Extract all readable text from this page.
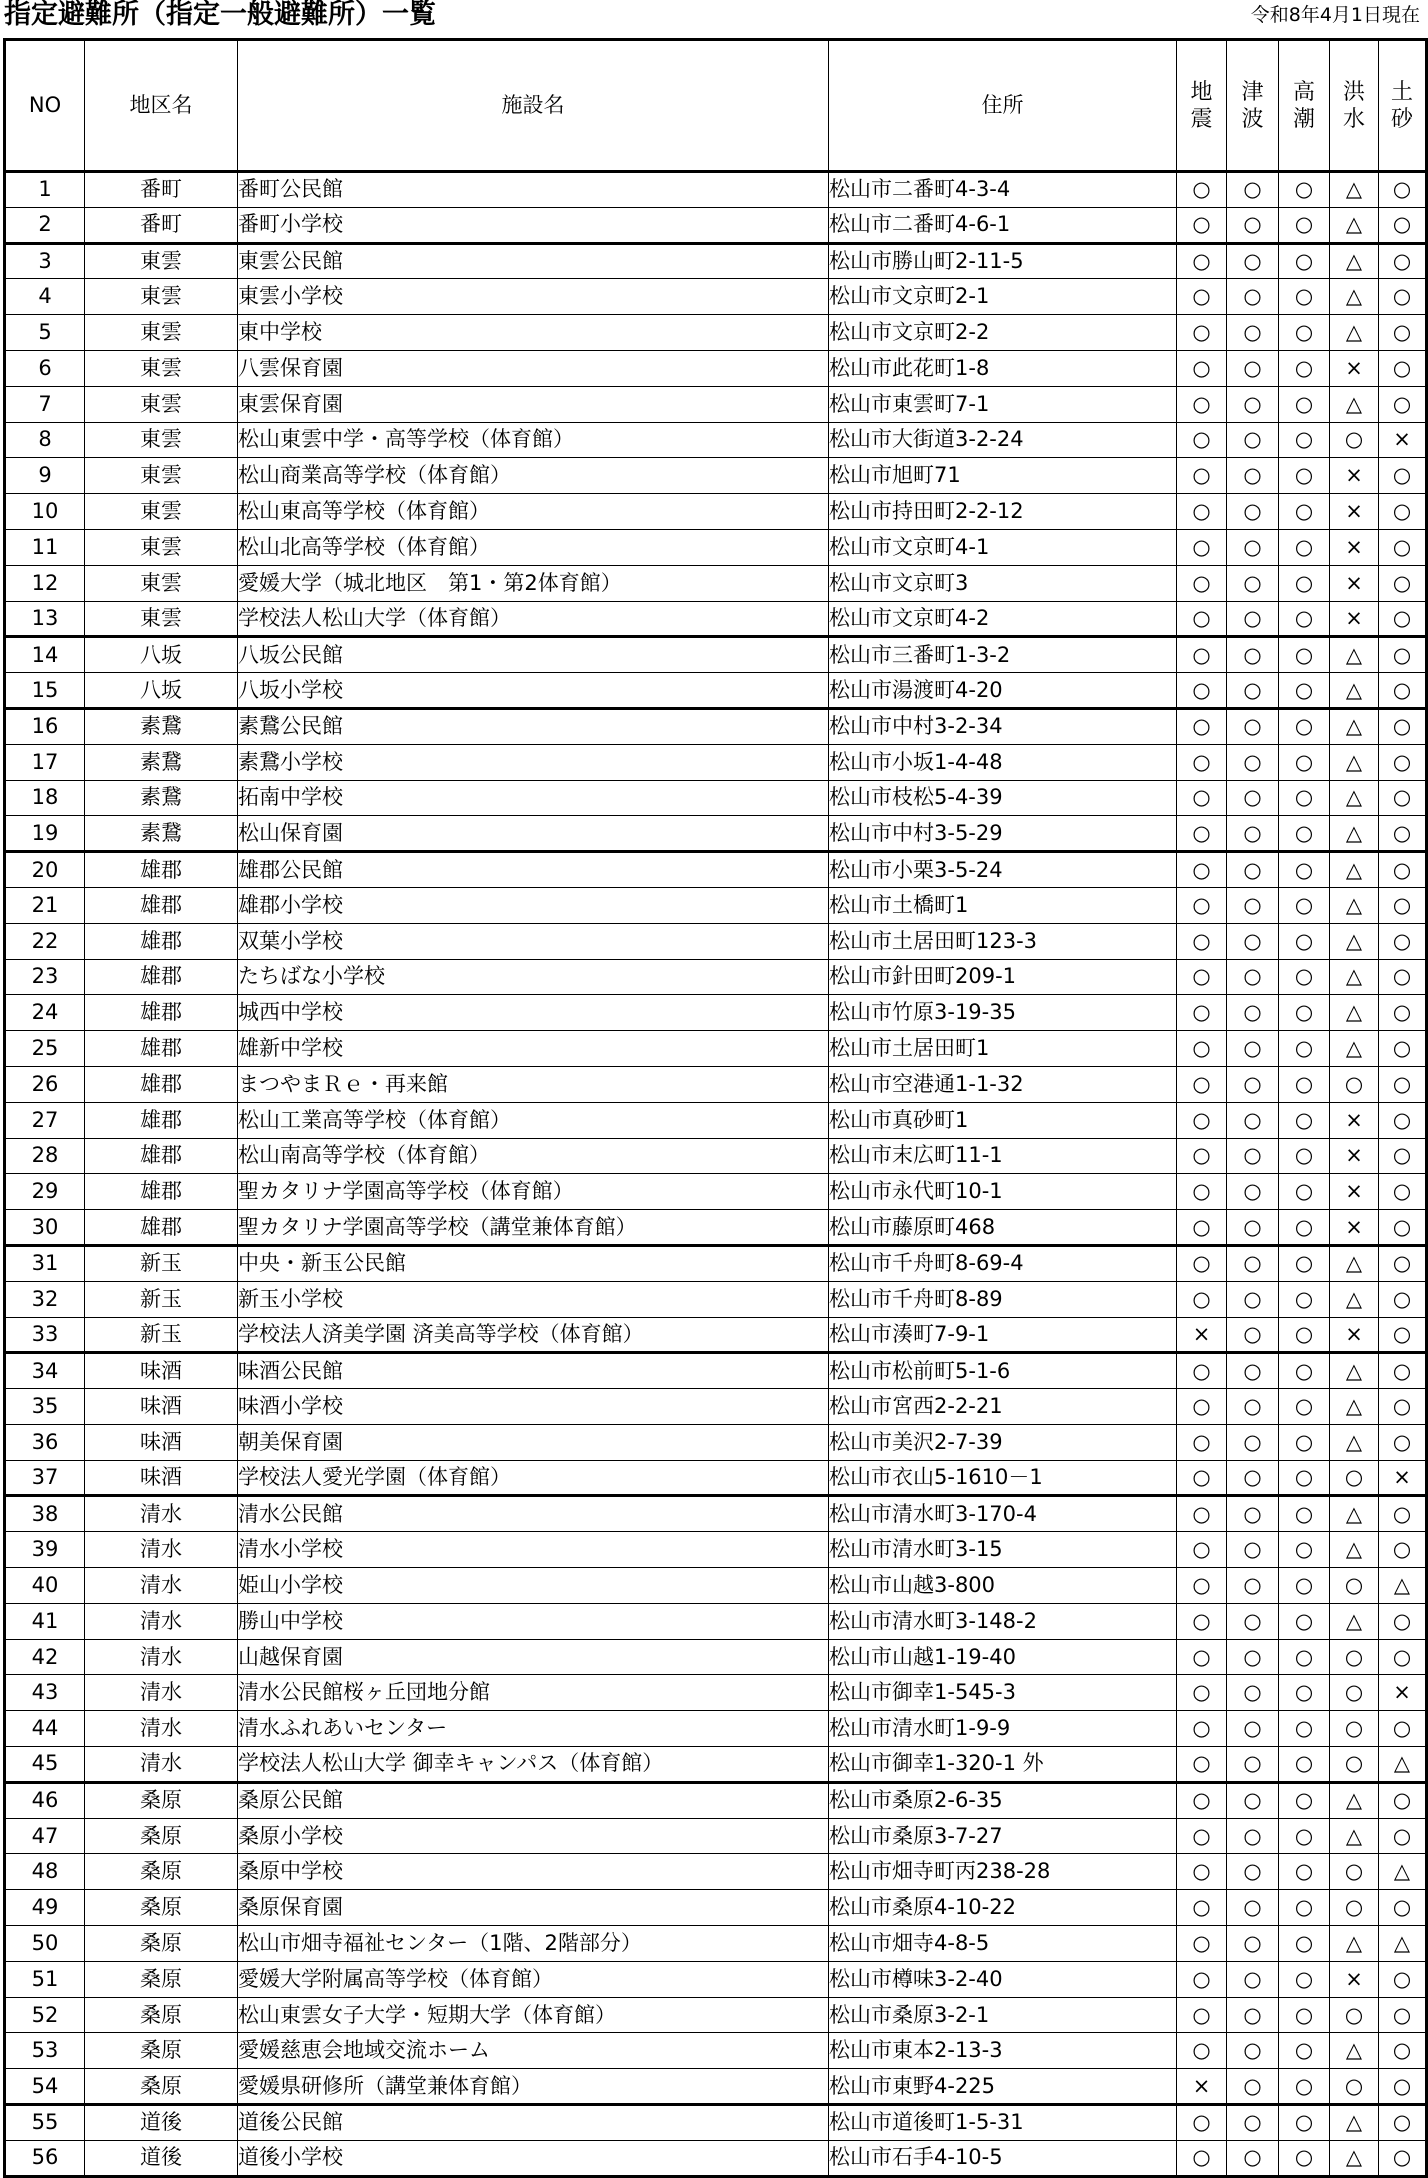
指定避難所（指定一般避難所）一覧	令和8年4月1日現在
NO	地区名	施設名	住所	地震	津波	高潮	洪水	土砂
1	番町	番町公民館	松山市二番町4-3-4	○	○	○	△	○
2	番町	番町小学校	松山市二番町4-6-1	○	○	○	△	○
3	東雲	東雲公民館	松山市勝山町2-11-5	○	○	○	△	○
4	東雲	東雲小学校	松山市文京町2-1	○	○	○	△	○
5	東雲	東中学校	松山市文京町2-2	○	○	○	△	○
6	東雲	八雲保育園	松山市此花町1-8	○	○	○	×	○
7	東雲	東雲保育園	松山市東雲町7-1	○	○	○	△	○
8	東雲	松山東雲中学・高等学校（体育館）	松山市大街道3-2-24	○	○	○	○	×
9	東雲	松山商業高等学校（体育館）	松山市旭町71	○	○	○	×	○
10	東雲	松山東高等学校（体育館）	松山市持田町2-2-12	○	○	○	×	○
11	東雲	松山北高等学校（体育館）	松山市文京町4-1	○	○	○	×	○
12	東雲	愛媛大学（城北地区　第1・第2体育館）	松山市文京町3	○	○	○	×	○
13	東雲	学校法人松山大学（体育館）	松山市文京町4-2	○	○	○	×	○
14	八坂	八坂公民館	松山市三番町1-3-2	○	○	○	△	○
15	八坂	八坂小学校	松山市湯渡町4-20	○	○	○	△	○
16	素鵞	素鵞公民館	松山市中村3-2-34	○	○	○	△	○
17	素鵞	素鵞小学校	松山市小坂1-4-48	○	○	○	△	○
18	素鵞	拓南中学校	松山市枝松5-4-39	○	○	○	△	○
19	素鵞	松山保育園	松山市中村3-5-29	○	○	○	△	○
20	雄郡	雄郡公民館	松山市小栗3-5-24	○	○	○	△	○
21	雄郡	雄郡小学校	松山市土橋町1	○	○	○	△	○
22	雄郡	双葉小学校	松山市土居田町123-3	○	○	○	△	○
23	雄郡	たちばな小学校	松山市針田町209-1	○	○	○	△	○
24	雄郡	城西中学校	松山市竹原3-19-35	○	○	○	△	○
25	雄郡	雄新中学校	松山市土居田町1	○	○	○	△	○
26	雄郡	まつやまＲｅ・再来館	松山市空港通1-1-32	○	○	○	○	○
27	雄郡	松山工業高等学校（体育館）	松山市真砂町1	○	○	○	×	○
28	雄郡	松山南高等学校（体育館）	松山市末広町11-1	○	○	○	×	○
29	雄郡	聖カタリナ学園高等学校（体育館）	松山市永代町10-1	○	○	○	×	○
30	雄郡	聖カタリナ学園高等学校（講堂兼体育館）	松山市藤原町468	○	○	○	×	○
31	新玉	中央・新玉公民館	松山市千舟町8-69-4	○	○	○	△	○
32	新玉	新玉小学校	松山市千舟町8-89	○	○	○	△	○
33	新玉	学校法人済美学園 済美高等学校（体育館）	松山市湊町7-9-1	×	○	○	×	○
34	味酒	味酒公民館	松山市松前町5-1-6	○	○	○	△	○
35	味酒	味酒小学校	松山市宮西2-2-21	○	○	○	△	○
36	味酒	朝美保育園	松山市美沢2-7-39	○	○	○	△	○
37	味酒	学校法人愛光学園（体育館）	松山市衣山5-1610－1	○	○	○	○	×
38	清水	清水公民館	松山市清水町3-170-4	○	○	○	△	○
39	清水	清水小学校	松山市清水町3-15	○	○	○	△	○
40	清水	姫山小学校	松山市山越3-800	○	○	○	○	△
41	清水	勝山中学校	松山市清水町3-148-2	○	○	○	△	○
42	清水	山越保育園	松山市山越1-19-40	○	○	○	○	○
43	清水	清水公民館桜ヶ丘団地分館	松山市御幸1-545-3	○	○	○	○	×
44	清水	清水ふれあいセンター	松山市清水町1-9-9	○	○	○	○	○
45	清水	学校法人松山大学 御幸キャンパス（体育館）	松山市御幸1-320-1 外	○	○	○	○	△
46	桑原	桑原公民館	松山市桑原2-6-35	○	○	○	△	○
47	桑原	桑原小学校	松山市桑原3-7-27	○	○	○	△	○
48	桑原	桑原中学校	松山市畑寺町丙238-28	○	○	○	○	△
49	桑原	桑原保育園	松山市桑原4-10-22	○	○	○	○	○
50	桑原	松山市畑寺福祉センター（1階、2階部分）	松山市畑寺4-8-5	○	○	○	△	△
51	桑原	愛媛大学附属高等学校（体育館）	松山市樽味3-2-40	○	○	○	×	○
52	桑原	松山東雲女子大学・短期大学（体育館）	松山市桑原3-2-1	○	○	○	○	○
53	桑原	愛媛慈恵会地域交流ホーム	松山市東本2-13-3	○	○	○	△	○
54	桑原	愛媛県研修所（講堂兼体育館）	松山市東野4-225	×	○	○	○	○
55	道後	道後公民館	松山市道後町1-5-31	○	○	○	△	○
56	道後	道後小学校	松山市石手4-10-5	○	○	○	△	○
